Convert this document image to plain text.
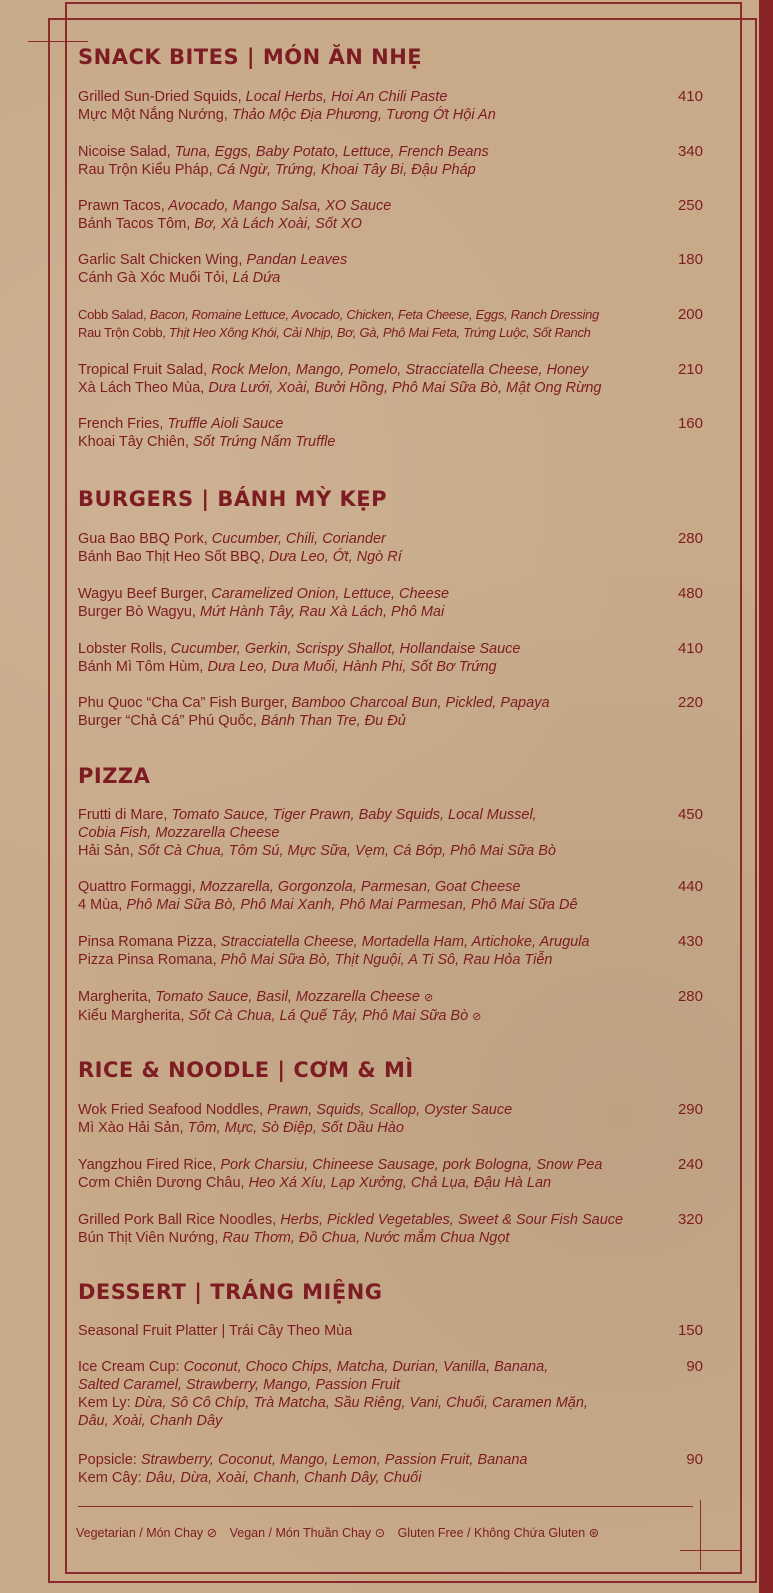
SNACK BITES | MÓN ĂN NHẸ
Grilled Sun-Dried Squids, Local Herbs, Hoi An Chili Paste
Mực Một Nắng Nướng, Thảo Mộc Địa Phương, Tương Ớt Hội An
410
Nicoise Salad, Tuna, Eggs, Baby Potato, Lettuce, French Beans
Rau Trộn Kiểu Pháp, Cá Ngừ, Trứng, Khoai Tây Bi, Đậu Pháp
340
Prawn Tacos, Avocado, Mango Salsa, XO Sauce
Bánh Tacos Tôm, Bơ, Xà Lách Xoài, Sốt XO
250
Garlic Salt Chicken Wing, Pandan Leaves
Cánh Gà Xóc Muối Tỏi, Lá Dứa
180
Cobb Salad, Bacon, Romaine Lettuce, Avocado, Chicken, Feta Cheese, Eggs, Ranch Dressing
Rau Trộn Cobb, Thịt Heo Xông Khói, Cải Nhịp, Bơ, Gà, Phô Mai Feta, Trứng Luộc, Sốt Ranch
200
Tropical Fruit Salad, Rock Melon, Mango, Pomelo, Stracciatella Cheese, Honey
Xà Lách Theo Mùa, Dưa Lưới, Xoài, Bưởi Hồng, Phô Mai Sữa Bò, Mật Ong Rừng
210
French Fries, Truffle Aioli Sauce
Khoai Tây Chiên, Sốt Trứng Nấm Truffle
160
BURGERS | BÁNH MỲ KẸP
Gua Bao BBQ Pork, Cucumber, Chili, Coriander
Bánh Bao Thịt Heo Sốt BBQ, Dưa Leo, Ớt, Ngò Rí
280
Wagyu Beef Burger, Caramelized Onion, Lettuce, Cheese
Burger Bò Wagyu, Mứt Hành Tây, Rau Xà Lách, Phô Mai
480
Lobster Rolls, Cucumber, Gerkin, Scrispy Shallot, Hollandaise Sauce
Bánh Mì Tôm Hùm, Dưa Leo, Dưa Muối, Hành Phi, Sốt Bơ Trứng
410
Phu Quoc “Cha Ca” Fish Burger, Bamboo Charcoal Bun, Pickled, Papaya
Burger “Chả Cá” Phú Quốc, Bánh Than Tre, Đu Đủ
220
PIZZA
Frutti di Mare, Tomato Sauce, Tiger Prawn, Baby Squids, Local Mussel,
Cobia Fish, Mozzarella Cheese
Hải Sản, Sốt Cà Chua, Tôm Sú, Mực Sữa, Vẹm, Cá Bớp, Phô Mai Sữa Bò
450
Quattro Formaggi, Mozzarella, Gorgonzola, Parmesan, Goat Cheese
4 Mùa, Phô Mai Sữa Bò, Phô Mai Xanh, Phô Mai Parmesan, Phô Mai Sữa Dê
440
Pinsa Romana Pizza, Stracciatella Cheese, Mortadella Ham, Artichoke, Arugula
Pizza Pinsa Romana, Phô Mai Sữa Bò, Thịt Nguội, A Ti Sô, Rau Hỏa Tiễn
430
Margherita, Tomato Sauce, Basil, Mozzarella Cheese ⊘
Kiểu Margherita, Sốt Cà Chua, Lá Quế Tây, Phô Mai Sữa Bò ⊘
280
RICE & NOODLE | CƠM & MÌ
Wok Fried Seafood Noddles, Prawn, Squids, Scallop, Oyster Sauce
Mì Xào Hải Sản, Tôm, Mực, Sò Điệp, Sốt Dầu Hào
290
Yangzhou Fired Rice, Pork Charsiu, Chineese Sausage, pork Bologna, Snow Pea
Cơm Chiên Dương Châu, Heo Xá Xíu, Lạp Xưởng, Chả Lụa, Đậu Hà Lan
240
Grilled Pork Ball Rice Noodles, Herbs, Pickled Vegetables, Sweet & Sour Fish Sauce
Bún Thịt Viên Nướng, Rau Thơm, Đồ Chua, Nước mắm Chua Ngọt
320
DESSERT | TRÁNG MIỆNG
Seasonal Fruit Platter | Trái Cây Theo Mùa	150
Ice Cream Cup: Coconut, Choco Chips, Matcha, Durian, Vanilla, Banana,
Salted Caramel, Strawberry, Mango, Passion Fruit
Kem Ly: Dừa, Sô Cô Chíp, Trà Matcha, Sầu Riêng, Vani, Chuối, Caramen Mặn,
Dâu, Xoài, Chanh Dây
90
Popsicle: Strawberry, Coconut, Mango, Lemon, Passion Fruit, Banana
Kem Cây: Dâu, Dừa, Xoài, Chanh, Chanh Dây, Chuối
90
Vegetarian / Món Chay ⊘ Vegan / Món Thuần Chay ⊙ Gluten Free / Không Chứa Gluten ⊛
